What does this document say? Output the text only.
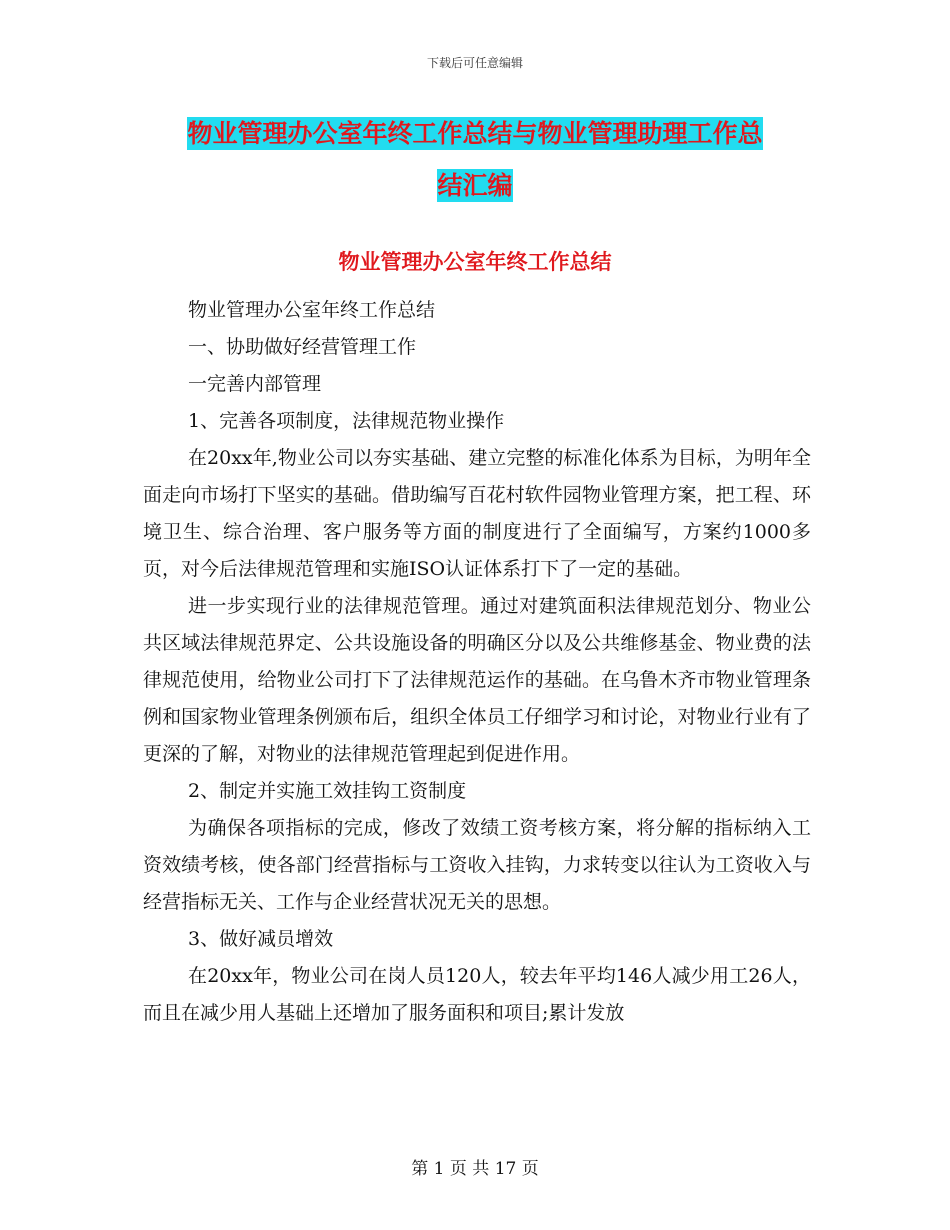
下载后可任意编辑
物业管理办公室年终工作总结与物业管理助理工作总
结汇编
物业管理办公室年终工作总结

物业管理办公室年终工作总结

一、协助做好经营管理工作

一完善内部管理

1、完善各项制度，法律规范物业操作

在20xx年,物业公司以夯实基础、建立完整的标准化体系为目标，为明年全面走向市场打下坚实的基础。借助编写百花村软件园物业管理方案，把工程、环境卫生、综合治理、客户服务等方面的制度进行了全面编写，方案约1000多页，对今后法律规范管理和实施ISO认证体系打下了一定的基础。

进一步实现行业的法律规范管理。通过对建筑面积法律规范划分、物业公共区域法律规范界定、公共设施设备的明确区分以及公共维修基金、物业费的法律规范使用，给物业公司打下了法律规范运作的基础。在乌鲁木齐市物业管理条例和国家物业管理条例颁布后，组织全体员工仔细学习和讨论，对物业行业有了更深的了解，对物业的法律规范管理起到促进作用。

2、制定并实施工效挂钩工资制度

为确保各项指标的完成，修改了效绩工资考核方案，将分解的指标纳入工资效绩考核，使各部门经营指标与工资收入挂钩，力求转变以往认为工资收入与经营指标无关、工作与企业经营状况无关的思想。

3、做好减员增效

在20xx年，物业公司在岗人员120人，较去年平均146人减少用工26人，而且在减少用人基础上还增加了服务面积和项目;累计发放

第 1 页 共 17 页
